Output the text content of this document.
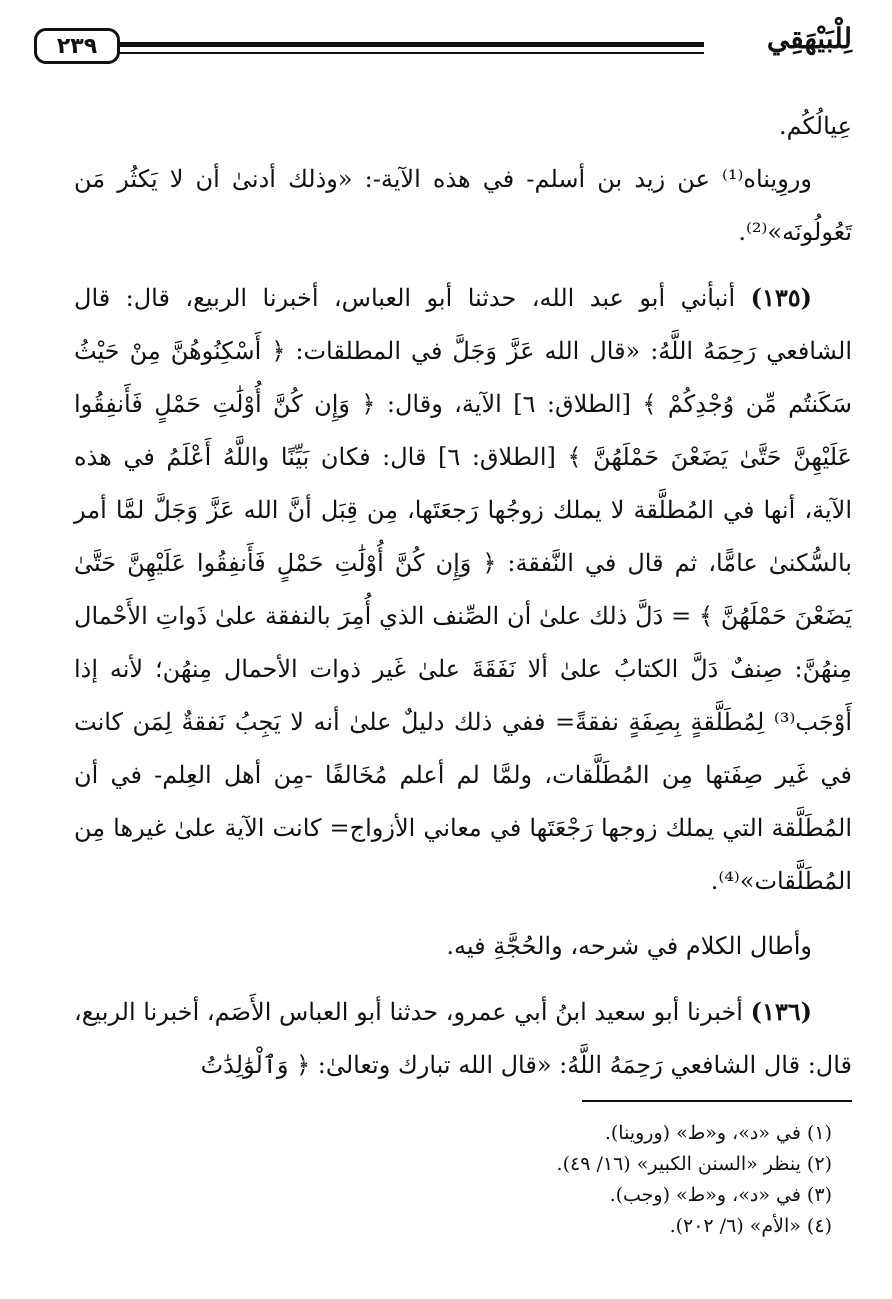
٢٣٩	لِلْبَيْهَقِي

عِيالُكُم.

وروِيناه⁽¹⁾ عن زيد بن أسلم- في هذه الآية-: «وذلك أدنىٰ أن لا يَكثُر مَن تَعُولُونَه»⁽²⁾.

(١٣٥) أنبأني أبو عبد الله، حدثنا أبو العباس، أخبرنا الربيع، قال: قال الشافعي رَحِمَهُ اللَّهُ: «قال الله عَزَّ وَجَلَّ في المطلقات: ﴿ أَسْكِنُوهُنَّ مِنْ حَيْثُ سَكَنتُم مِّن وُجْدِكُمْ ﴾ [الطلاق: ٦] الآية، وقال: ﴿ وَإِن كُنَّ أُوْلَٰتِ حَمْلٍ فَأَنفِقُوا عَلَيْهِنَّ حَتَّىٰ يَضَعْنَ حَمْلَهُنَّ ﴾ [الطلاق: ٦] قال: فكان بَيِّنًا واللَّهُ أَعْلَمُ في هذه الآية، أنها في المُطلَّقة لا يملك زوجُها رَجعَتَها، مِن قِبَل أنَّ الله عَزَّ وَجَلَّ لمَّا أمر بالسُّكنىٰ عامًّا، ثم قال في النَّفقة: ﴿ وَإِن كُنَّ أُوْلَٰتِ حَمْلٍ فَأَنفِقُوا عَلَيْهِنَّ حَتَّىٰ يَضَعْنَ حَمْلَهُنَّ ﴾ = دَلَّ ذلك علىٰ أن الصِّنف الذي أُمِرَ بالنفقة علىٰ ذَواتِ الأَحْمال مِنهُنَّ: صِنفٌ دَلَّ الكتابُ علىٰ ألا نَفَقَةَ علىٰ غَير ذوات الأحمال مِنهُن؛ لأنه إذا أَوْجَب⁽³⁾ لِمُطَلَّقةٍ بِصِفَةٍ نفقةً= ففي ذلك دليلٌ علىٰ أنه لا يَجِبُ نَفقةٌ لِمَن كانت في غَير صِفَتها مِن المُطَلَّقات، ولمَّا لم أعلم مُخَالفًا -مِن أهل العِلم- في أن المُطَلَّقة التي يملك زوجها رَجْعَتَها في معاني الأزواج= كانت الآية علىٰ غيرها مِن المُطَلَّقات»⁽⁴⁾.

وأطال الكلام في شرحه، والحُجَّةِ فيه.

(١٣٦) أخبرنا أبو سعيد ابنُ أبي عمرو، حدثنا أبو العباس الأَصَم، أخبرنا الربيع، قال: قال الشافعي رَحِمَهُ اللَّهُ: «قال الله تبارك وتعالىٰ: ﴿ وَٱلْوَٰلِدَٰتُ

(١) في «د»، و«ط» (وروينا).

(٢) ينظر «السنن الكبير» (١٦/ ٤٩).

(٣) في «د»، و«ط» (وجب).

(٤) «الأم» (٦/ ٢٠٢).
